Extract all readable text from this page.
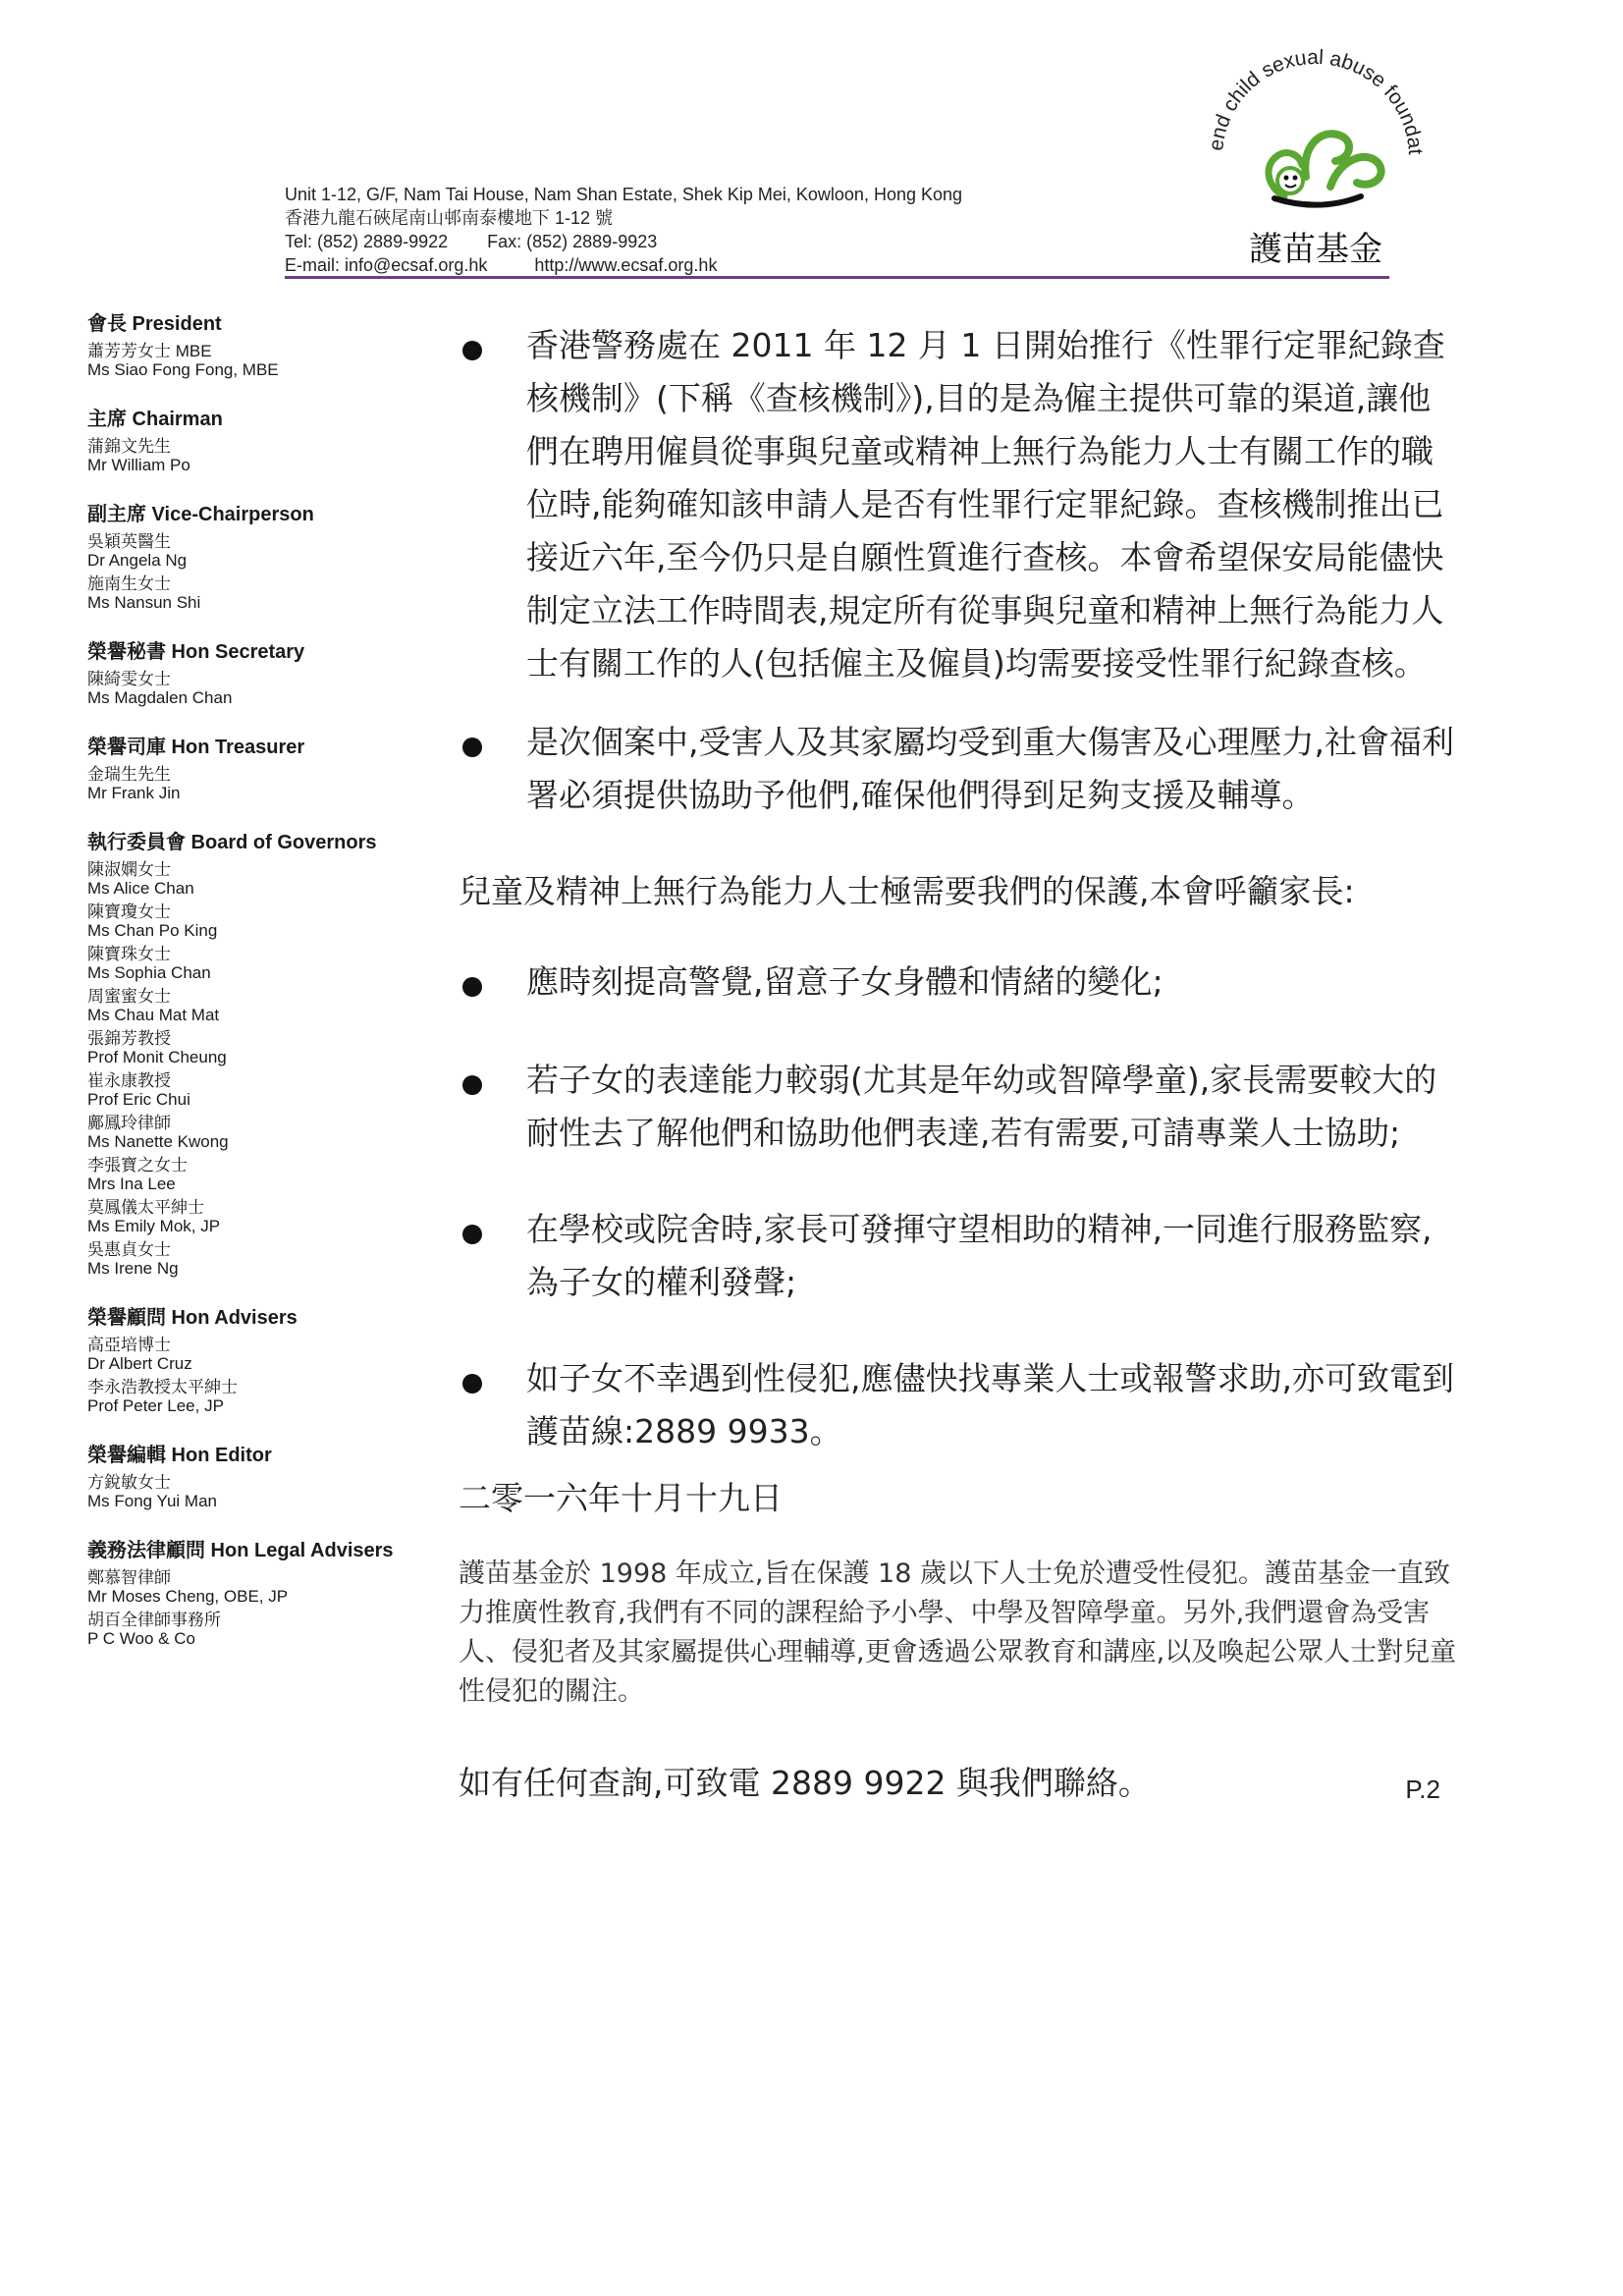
end child sexual abuse foundat
護苗基金
Unit 1-12, G/F, Nam Tai House, Nam Shan Estate, Shek Kip Mei, Kowloon, Hong Kong
香港九龍石硤尾南山邨南泰樓地下 1-12 號
Tel: (852) 2889-9922 Fax: (852) 2889-9923
E-mail: info@ecsaf.org.hk	http://www.ecsaf.org.hk
會長 President
蕭芳芳女士 MBE
Ms Siao Fong Fong, MBE
主席 Chairman
蒲錦文先生
Mr William Po
副主席 Vice-Chairperson
吳穎英醫生
Dr Angela Ng
施南生女士
Ms Nansun Shi
榮譽秘書 Hon Secretary
陳綺雯女士
Ms Magdalen Chan
榮譽司庫 Hon Treasurer
金瑞生先生
Mr Frank Jin
執行委員會 Board of Governors
陳淑嫻女士
Ms Alice Chan
陳寶瓊女士
Ms Chan Po King
陳寶珠女士
Ms Sophia Chan
周蜜蜜女士
Ms Chau Mat Mat
張錦芳教授
Prof Monit Cheung
崔永康教授
Prof Eric Chui
鄺鳳玲律師
Ms Nanette Kwong
李張寶之女士
Mrs Ina Lee
莫鳳儀太平紳士
Ms Emily Mok, JP
吳惠貞女士
Ms Irene Ng
榮譽顧問 Hon Advisers
高亞培博士
Dr Albert Cruz
李永浩教授太平紳士
Prof Peter Lee, JP
榮譽編輯 Hon Editor
方銳敏女士
Ms Fong Yui Man
義務法律顧問 Hon Legal Advisers
鄭慕智律師
Mr Moses Cheng, OBE, JP
胡百全律師事務所
P C Woo & Co
香港警務處在 2011 年 12 月 1 日開始推行《性罪行定罪紀錄查核機制》(下稱《查核機制》),目的是為僱主提供可靠的渠道,讓他們在聘用僱員從事與兒童或精神上無行為能力人士有關工作的職位時,能夠確知該申請人是否有性罪行定罪紀錄。查核機制推出已接近六年,至今仍只是自願性質進行查核。本會希望保安局能儘快制定立法工作時間表,規定所有從事與兒童和精神上無行為能力人士有關工作的人(包括僱主及僱員)均需要接受性罪行紀錄查核。
是次個案中,受害人及其家屬均受到重大傷害及心理壓力,社會福利署必須提供協助予他們,確保他們得到足夠支援及輔導。
兒童及精神上無行為能力人士極需要我們的保護,本會呼籲家長:
應時刻提高警覺,留意子女身體和情緒的變化;
若子女的表達能力較弱(尤其是年幼或智障學童),家長需要較大的耐性去了解他們和協助他們表達,若有需要,可請專業人士協助;
在學校或院舍時,家長可發揮守望相助的精神,一同進行服務監察,為子女的權利發聲;
如子女不幸遇到性侵犯,應儘快找專業人士或報警求助,亦可致電到護苗線:2889 9933。
二零一六年十月十九日
護苗基金於 1998 年成立,旨在保護 18 歲以下人士免於遭受性侵犯。護苗基金一直致力推廣性教育,我們有不同的課程給予小學、中學及智障學童。另外,我們還會為受害人、侵犯者及其家屬提供心理輔導,更會透過公眾教育和講座,以及喚起公眾人士對兒童性侵犯的關注。
如有任何查詢,可致電 2889 9922 與我們聯絡。	P.2
